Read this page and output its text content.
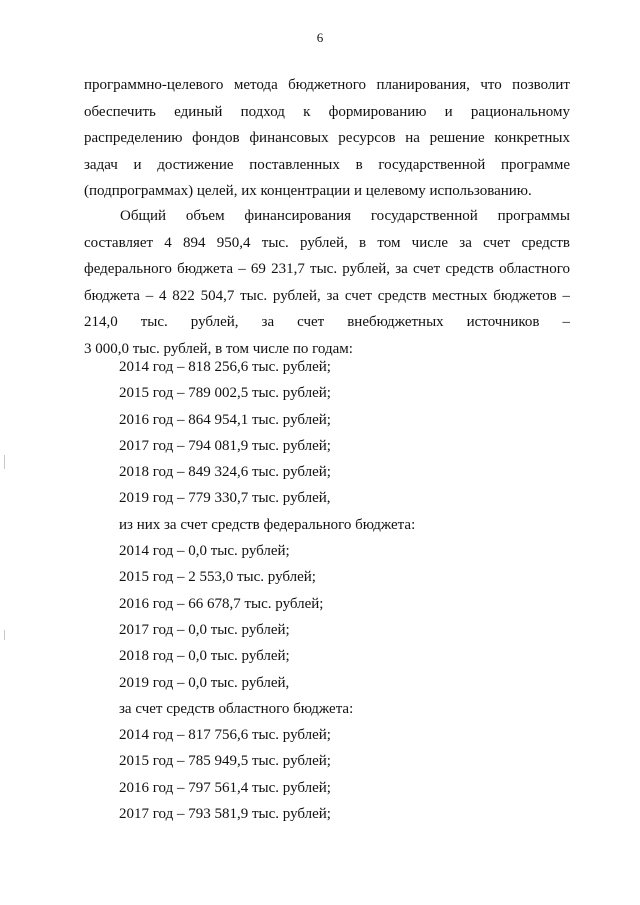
6
программно-целевого метода бюджетного планирования, что позволит
обеспечить единый подход к формированию и рациональному
распределению фондов финансовых ресурсов на решение конкретных
задач и достижение поставленных в государственной программе
(подпрограммах) целей, их концентрации и целевому использованию.
Общий объем финансирования государственной программы
составляет 4 894 950,4 тыс. рублей, в том числе за счет средств
федерального бюджета – 69 231,7 тыс. рублей, за счет средств областного
бюджета – 4 822 504,7 тыс. рублей, за счет средств местных бюджетов –
214,0 тыс. рублей, за счет внебюджетных источников –
3 000,0 тыс. рублей, в том числе по годам:
2014 год – 818 256,6 тыс. рублей;
2015 год – 789 002,5 тыс. рублей;
2016 год – 864 954,1 тыс. рублей;
2017 год – 794 081,9 тыс. рублей;
2018 год – 849 324,6 тыс. рублей;
2019 год – 779 330,7 тыс. рублей,
из них за счет средств федерального бюджета:
2014 год – 0,0 тыс. рублей;
2015 год – 2 553,0 тыс. рублей;
2016 год – 66 678,7 тыс. рублей;
2017 год – 0,0 тыс. рублей;
2018 год – 0,0 тыс. рублей;
2019 год – 0,0 тыс. рублей,
за счет средств областного бюджета:
2014 год – 817 756,6 тыс. рублей;
2015 год – 785 949,5 тыс. рублей;
2016 год – 797 561,4 тыс. рублей;
2017 год – 793 581,9 тыс. рублей;
